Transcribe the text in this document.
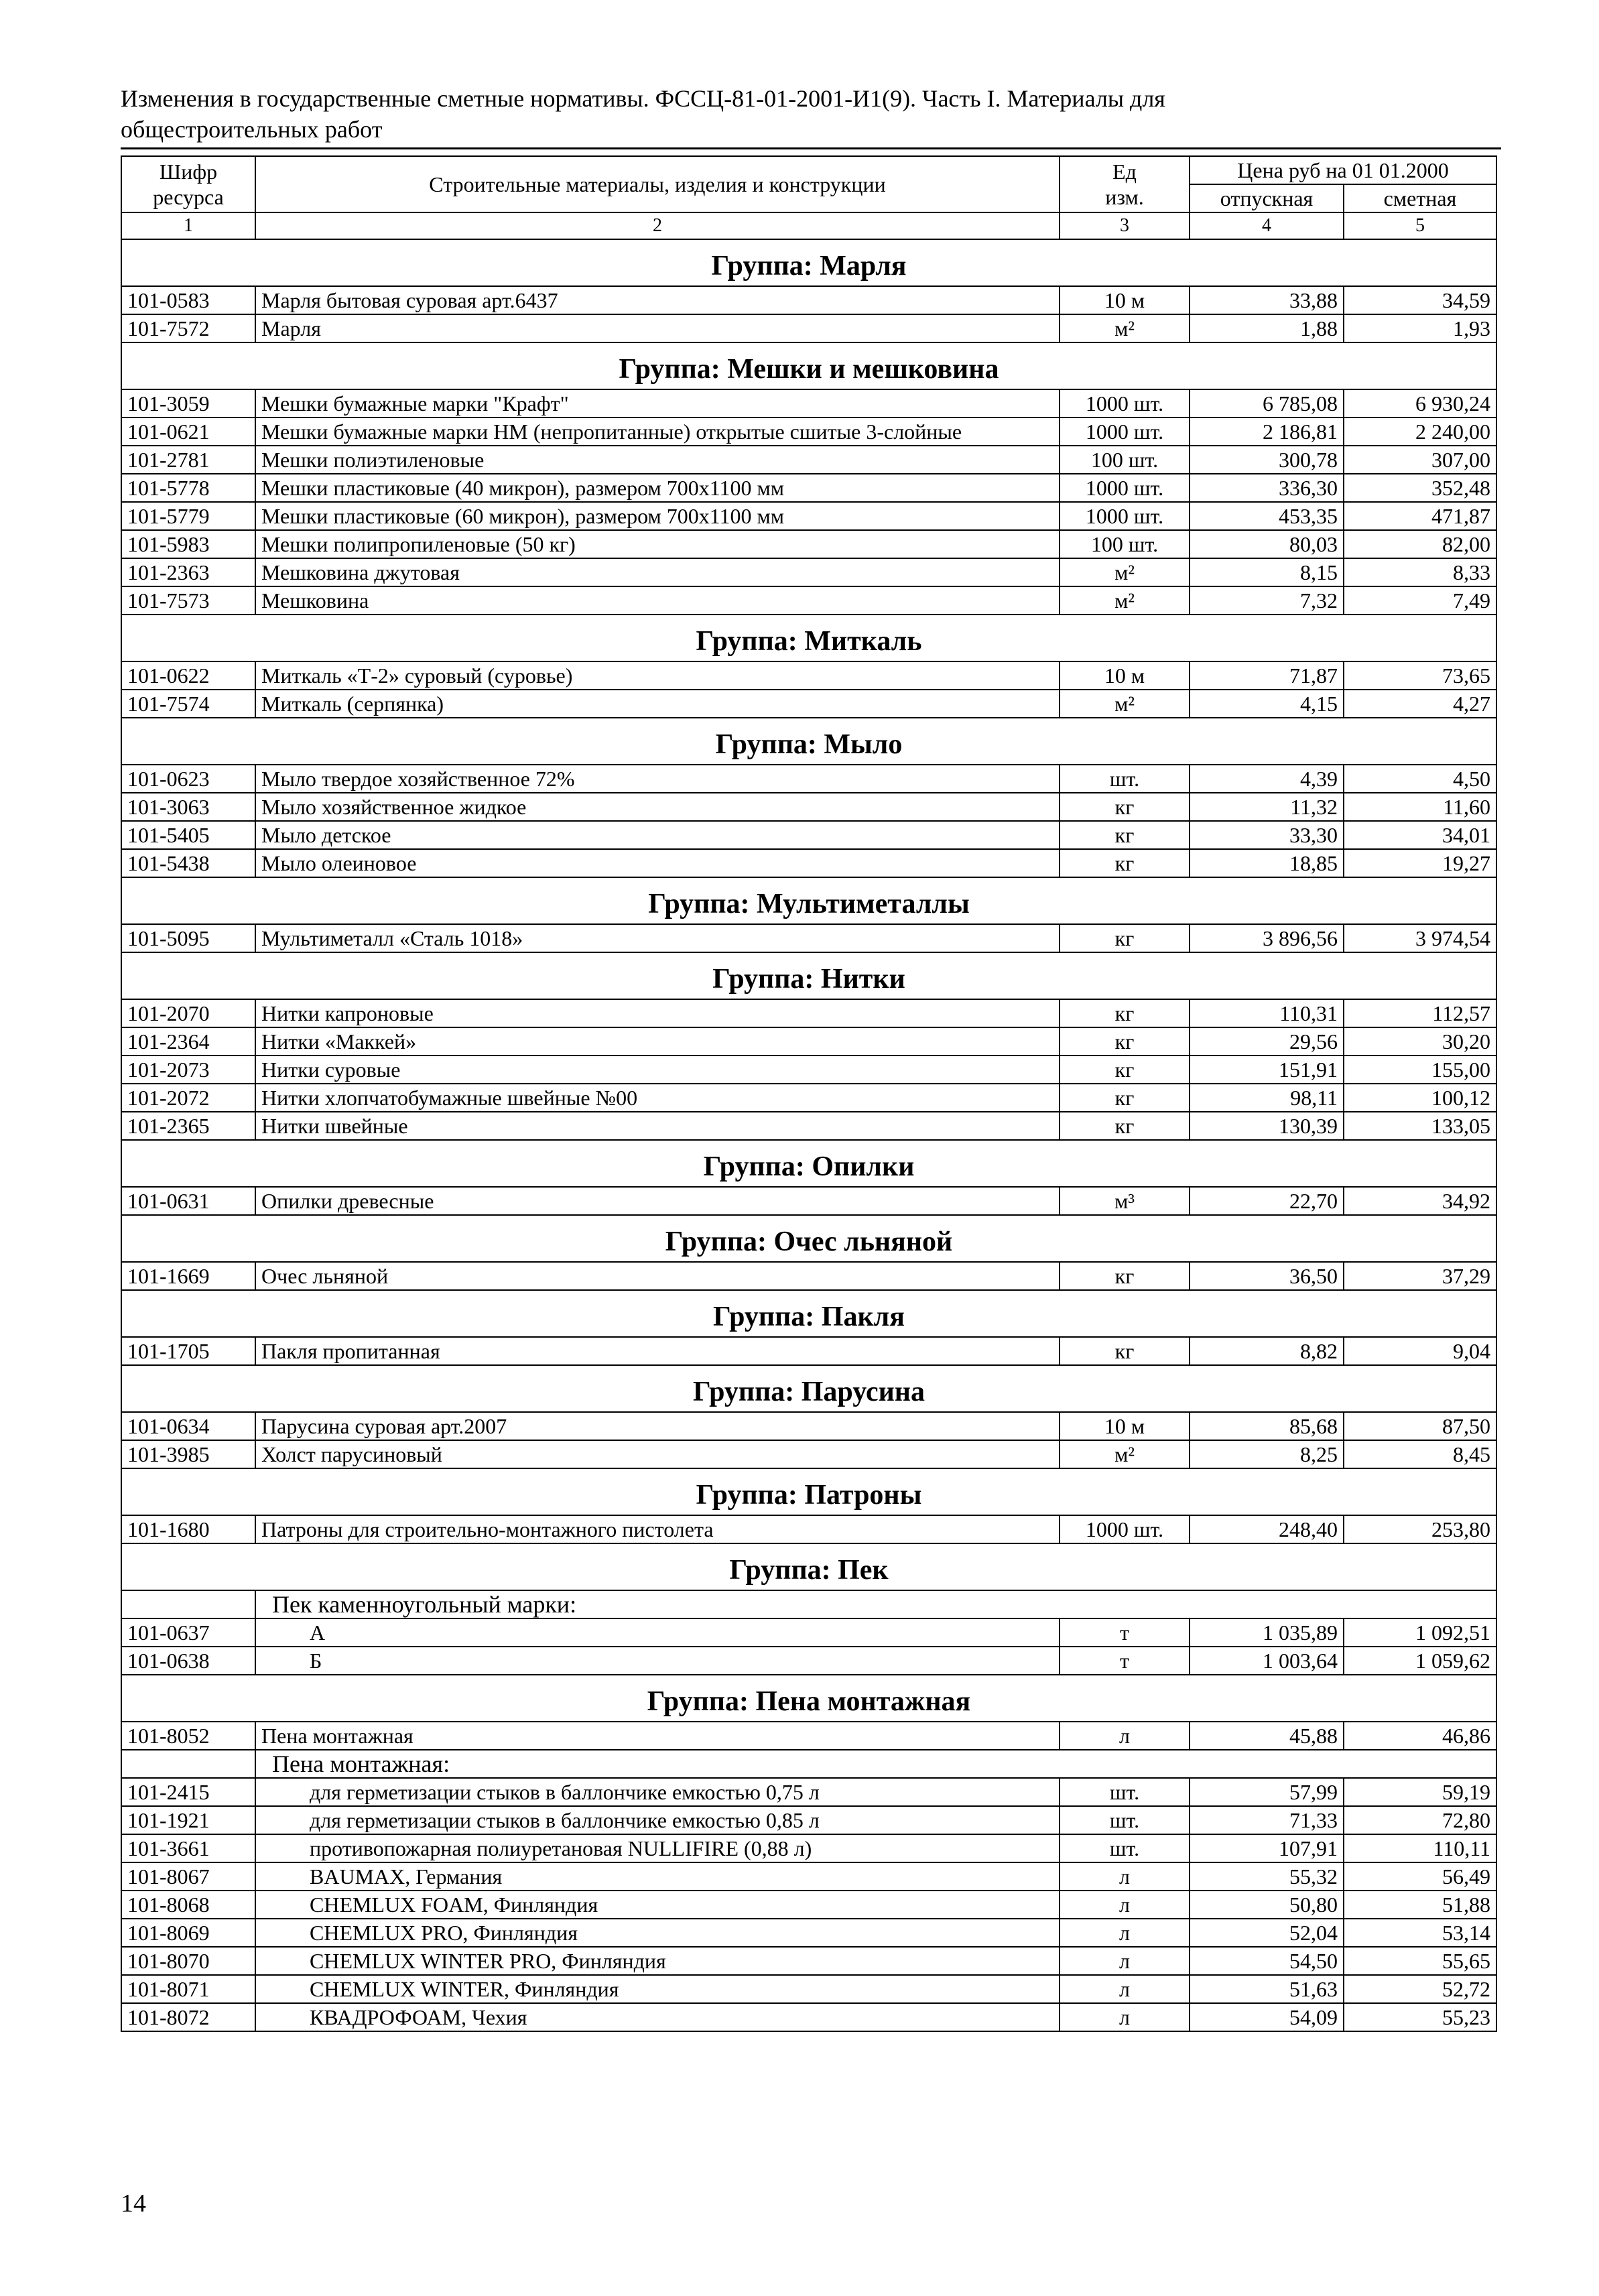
Изменения в государственные сметные нормативы. ФССЦ-81-01-2001-И1(9). Часть I. Материалы для
общестроительных работ
Шифр
ресурса	Строительные материалы, изделия и конструкции	Ед
изм.	Цена руб на 01 01.2000	
			отпускная	сметная
1	2	3	4	5
Группа: Марля				
101-0583	Марля бытовая суровая арт.6437	10 м	33,88	34,59
101-7572	Марля	м²	1,88	1,93
Группа: Мешки и мешковина				
101-3059	Мешки бумажные марки "Крафт"	1000 шт.	6 785,08	6 930,24
101-0621	Мешки бумажные марки НМ (непропитанные) открытые сшитые 3-слойные	1000 шт.	2 186,81	2 240,00
101-2781	Мешки полиэтиленовые	100 шт.	300,78	307,00
101-5778	Мешки пластиковые (40 микрон), размером 700х1100 мм	1000 шт.	336,30	352,48
101-5779	Мешки пластиковые (60 микрон), размером 700х1100 мм	1000 шт.	453,35	471,87
101-5983	Мешки полипропиленовые (50 кг)	100 шт.	80,03	82,00
101-2363	Мешковина джутовая	м²	8,15	8,33
101-7573	Мешковина	м²	7,32	7,49
Группа: Миткаль				
101-0622	Миткаль «Т-2» суровый (суровье)	10 м	71,87	73,65
101-7574	Миткаль (серпянка)	м²	4,15	4,27
Группа: Мыло				
101-0623	Мыло твердое хозяйственное 72%	шт.	4,39	4,50
101-3063	Мыло хозяйственное жидкое	кг	11,32	11,60
101-5405	Мыло детское	кг	33,30	34,01
101-5438	Мыло олеиновое	кг	18,85	19,27
Группа: Мультиметаллы				
101-5095	Мультиметалл «Сталь 1018»	кг	3 896,56	3 974,54
Группа: Нитки				
101-2070	Нитки капроновые	кг	110,31	112,57
101-2364	Нитки «Маккей»	кг	29,56	30,20
101-2073	Нитки суровые	кг	151,91	155,00
101-2072	Нитки хлопчатобумажные швейные №00	кг	98,11	100,12
101-2365	Нитки швейные	кг	130,39	133,05
Группа: Опилки				
101-0631	Опилки древесные	м³	22,70	34,92
Группа: Очес льняной				
101-1669	Очес льняной	кг	36,50	37,29
Группа: Пакля				
101-1705	Пакля пропитанная	кг	8,82	9,04
Группа: Парусина				
101-0634	Парусина суровая арт.2007	10 м	85,68	87,50
101-3985	Холст парусиновый	м²	8,25	8,45
Группа: Патроны				
101-1680	Патроны для строительно-монтажного пистолета	1000 шт.	248,40	253,80
Группа: Пек				
	Пек каменноугольный марки:			
101-0637	А	т	1 035,89	1 092,51
101-0638	Б	т	1 003,64	1 059,62
Группа: Пена монтажная				
101-8052	Пена монтажная	л	45,88	46,86
	Пена монтажная:			
101-2415	для герметизации стыков в баллончике емкостью 0,75 л	шт.	57,99	59,19
101-1921	для герметизации стыков в баллончике емкостью 0,85 л	шт.	71,33	72,80
101-3661	противопожарная полиуретановая NULLIFIRE (0,88 л)	шт.	107,91	110,11
101-8067	BAUMAX, Германия	л	55,32	56,49
101-8068	CHEMLUX FOAM, Финляндия	л	50,80	51,88
101-8069	CHEMLUX PRO, Финляндия	л	52,04	53,14
101-8070	CHEMLUX WINTER PRO, Финляндия	л	54,50	55,65
101-8071	CHEMLUX WINTER, Финляндия	л	51,63	52,72
101-8072	КВАДРОФОАМ, Чехия	л	54,09	55,23
14
